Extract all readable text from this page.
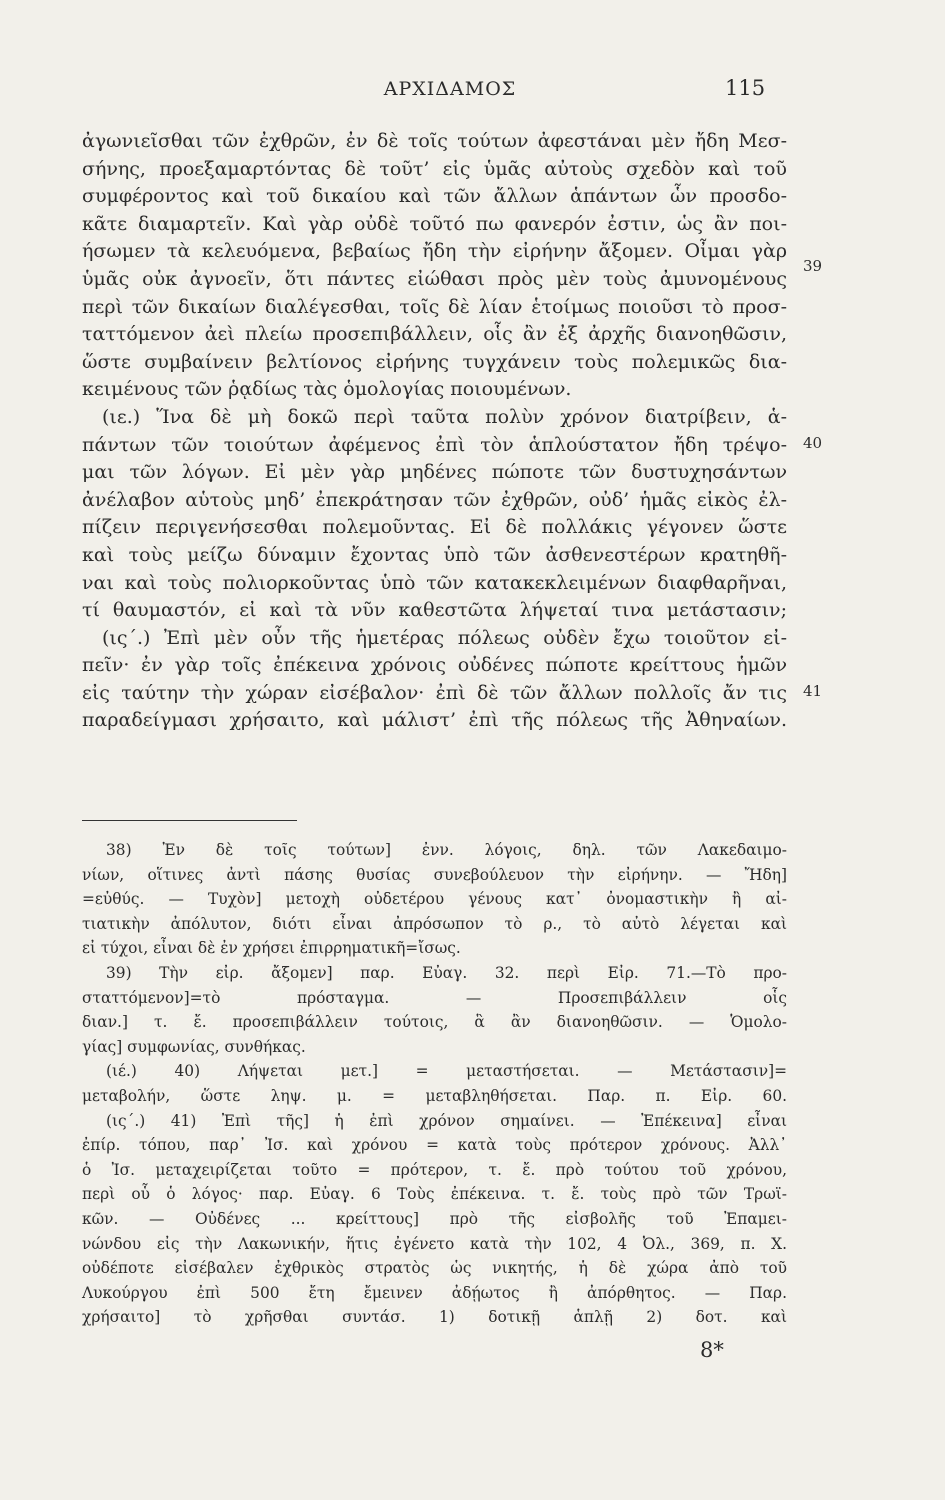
ΑΡΧΙΔΑΜΟΣ	115
ἀγωνιεῖσθαι τῶν ἐχθρῶν, ἐν δὲ τοῖς τούτων ἀφεστάναι μὲν ἤδη Μεσ-
σήνης, προεξαμαρτόντας δὲ τοῦτ’ εἰς ὑμᾶς αὐτοὺς σχεδὸν καὶ τοῦ
συμφέροντος καὶ τοῦ δικαίου καὶ τῶν ἄλλων ἁπάντων ὧν προσδο-
κᾶτε διαμαρτεῖν. Καὶ γὰρ οὐδὲ τοῦτό πω φανερόν ἐστιν, ὡς ἂν ποι-
ήσωμεν τὰ κελευόμενα, βεβαίως ἤδη τὴν εἰρήνην ἄξομεν. Οἶμαι γὰρ
ὑμᾶς οὐκ ἀγνοεῖν, ὅτι πάντες εἰώθασι πρὸς μὲν τοὺς ἀμυνομένους
περὶ τῶν δικαίων διαλέγεσθαι, τοῖς δὲ λίαν ἑτοίμως ποιοῦσι τὸ προσ-
ταττόμενον ἀεὶ πλείω προσεπιβάλλειν, οἷς ἂν ἐξ ἀρχῆς διανοηθῶσιν,
ὥστε συμβαίνειν βελτίονος εἰρήνης τυγχάνειν τοὺς πολεμικῶς δια-
κειμένους τῶν ῥᾳδίως τὰς ὁμολογίας ποιουμένων.
(ιε.) Ἵνα δὲ μὴ δοκῶ περὶ ταῦτα πολὺν χρόνον διατρίβειν, ἁ-
πάντων τῶν τοιούτων ἀφέμενος ἐπὶ τὸν ἁπλούστατον ἤδη τρέψο-
μαι τῶν λόγων. Εἰ μὲν γὰρ μηδένες πώποτε τῶν δυστυχησάντων
ἀνέλαβον αὑτοὺς μηδ’ ἐπεκράτησαν τῶν ἐχθρῶν, οὐδ’ ἡμᾶς εἰκὸς ἐλ-
πίζειν περιγενήσεσθαι πολεμοῦντας. Εἰ δὲ πολλάκις γέγονεν ὥστε
καὶ τοὺς μείζω δύναμιν ἔχοντας ὑπὸ τῶν ἀσθενεστέρων κρατηθῆ-
ναι καὶ τοὺς πολιορκοῦντας ὑπὸ τῶν κατακεκλειμένων διαφθαρῆναι,
τί θαυμαστόν, εἰ καὶ τὰ νῦν καθεστῶτα λήψεταί τινα μετάστασιν;
(ις΄.) Ἐπὶ μὲν οὖν τῆς ἡμετέρας πόλεως οὐδὲν ἔχω τοιοῦτον εἰ-
πεῖν· ἐν γὰρ τοῖς ἐπέκεινα χρόνοις οὐδένες πώποτε κρείττους ἡμῶν
εἰς ταύτην τὴν χώραν εἰσέβαλον· ἐπὶ δὲ τῶν ἄλλων πολλοῖς ἄν τις
παραδείγμασι χρήσαιτο, καὶ μάλιστ’ ἐπὶ τῆς πόλεως τῆς Ἀθηναίων.
39
40
41
38) Ἐν δὲ τοῖς τούτων] ἐνν. λόγοις, δηλ. τῶν Λακεδαιμο-
νίων, οἵτινες ἀντὶ πάσης θυσίας συνεβούλευον τὴν εἰρήνην. — Ἤδη]
=εὐθύς. — Τυχὸν] μετοχὴ οὐδετέρου γένους κατ᾽ ὀνομαστικὴν ἢ αἰ-
τιατικὴν ἀπόλυτον, διότι εἶναι ἀπρόσωπον τὸ ρ., τὸ αὐτὸ λέγεται καὶ
εἰ τύχοι, εἶναι δὲ ἐν χρήσει ἐπιρρηματικῆ=ἴσως.
39) Τὴν εἰρ. ἄξομεν] παρ. Εὐαγ. 32. περὶ Εἰρ. 71.—Τὸ προ-
σταττόμενον]=τὸ πρόσταγμα. — Προσεπιβάλλειν οἷς
διαν.] τ. ἔ. προσεπιβάλλειν τούτοις, ἃ ἂν διανοηθῶσιν. — Ὁμολο-
γίας] συμφωνίας, συνθήκας.
(ιέ.) 40) Λήψεται μετ.] = μεταστήσεται. — Μετάστασιν]=
μεταβολήν, ὥστε ληψ. μ. = μεταβληθήσεται. Παρ. π. Εἰρ. 60.
(ις΄.) 41) Ἐπὶ τῆς] ἡ ἐπὶ χρόνον σημαίνει. — Ἐπέκεινα] εἶναι
ἐπίρ. τόπου, παρ᾽ Ἰσ. καὶ χρόνου = κατὰ τοὺς πρότερον χρόνους. Ἀλλ᾽
ὁ Ἰσ. μεταχειρίζεται τοῦτο = πρότερον, τ. ἔ. πρὸ τούτου τοῦ χρόνου,
περὶ οὗ ὁ λόγος· παρ. Εὐαγ. 6 Τοὺς ἐπέκεινα. τ. ἔ. τοὺς πρὸ τῶν Τρωϊ-
κῶν. — Οὐδένες ... κρείττους] πρὸ τῆς εἰσβολῆς τοῦ Ἐπαμει-
νώνδου εἰς τὴν Λακωνικήν, ἥτις ἐγένετο κατὰ τὴν 102, 4 Ὀλ., 369, π. Χ.
οὐδέποτε εἰσέβαλεν ἐχθρικὸς στρατὸς ὡς νικητής, ἡ δὲ χώρα ἀπὸ τοῦ
Λυκούργου ἐπὶ 500 ἔτη ἔμεινεν ἀδῄωτος ἢ ἀπόρθητος. — Παρ.
χρήσαιτο] τὸ χρῆσθαι συντάσ. 1) δοτικῇ ἁπλῇ 2) δοτ. καὶ
8*
